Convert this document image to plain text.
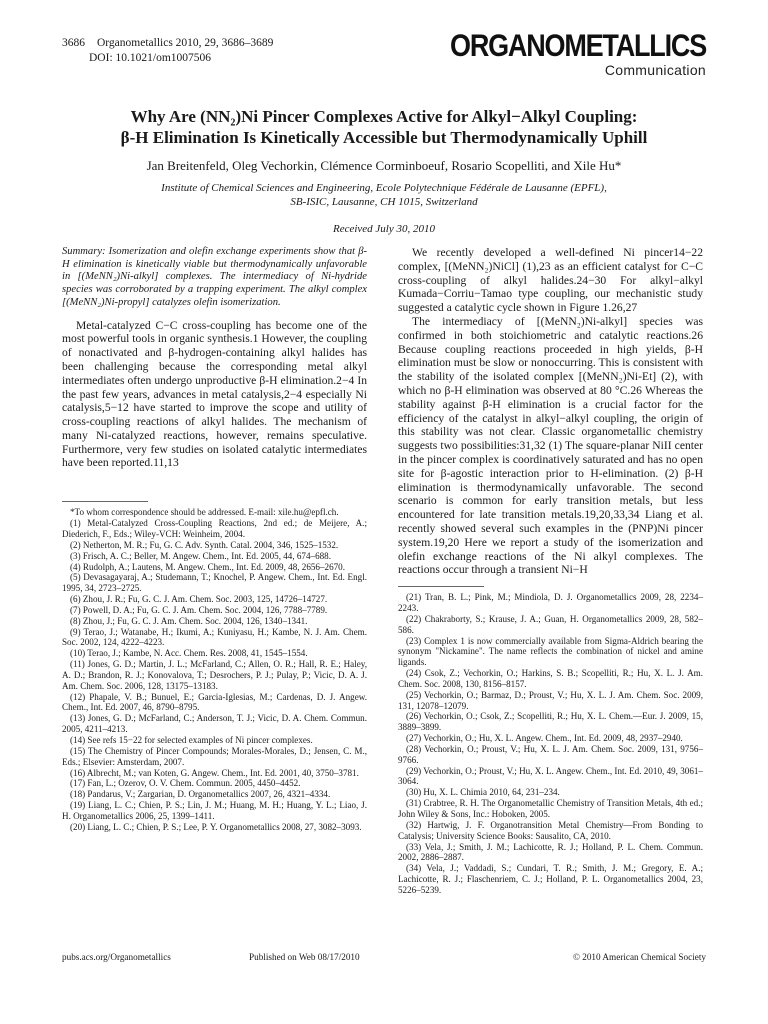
3686 Organometallics 2010, 29, 3686–3689
DOI: 10.1021/om1007506	ORGANOMETALLICS
Communication
Why Are (NN₂)Ni Pincer Complexes Active for Alkyl−Alkyl Coupling:
β-H Elimination Is Kinetically Accessible but Thermodynamically Uphill
Jan Breitenfeld, Oleg Vechorkin, Clémence Corminboeuf, Rosario Scopelliti, and Xile Hu*
Institute of Chemical Sciences and Engineering, Ecole Polytechnique Fédérale de Lausanne (EPFL),
SB-ISIC, Lausanne, CH 1015, Switzerland
Received July 30, 2010
Summary: Isomerization and olefin exchange experiments show that β-H elimination is kinetically viable but thermodynamically unfavorable in [(MeNN₂)Ni-alkyl] complexes. The intermediacy of Ni-hydride species was corroborated by a trapping experiment. The alkyl complex [(MeNN₂)Ni-propyl] catalyzes olefin isomerization.

Metal-catalyzed C−C cross-coupling has become one of the most powerful tools in organic synthesis.1 However, the coupling of nonactivated and β-hydrogen-containing alkyl halides has been challenging because the corresponding metal alkyl intermediates often undergo unproductive β-H elimination.2−4 In the past few years, advances in metal catalysis,2−4 especially Ni catalysis,5−12 have started to improve the scope and utility of cross-coupling reactions of alkyl halides. The mechanism of many Ni-catalyzed reactions, however, remains speculative. Furthermore, very few studies on isolated catalytic intermediates have been reported.11,13

*To whom correspondence should be addressed. E-mail: xile.hu@epfl.ch.
(1) Metal-Catalyzed Cross-Coupling Reactions, 2nd ed.; de Meijere, A.; Diederich, F., Eds.; Wiley-VCH: Weinheim, 2004.
(2) Netherton, M. R.; Fu, G. C. Adv. Synth. Catal. 2004, 346, 1525–1532.
(3) Frisch, A. C.; Beller, M. Angew. Chem., Int. Ed. 2005, 44, 674–688.
(4) Rudolph, A.; Lautens, M. Angew. Chem., Int. Ed. 2009, 48, 2656–2670.
(5) Devasagayaraj, A.; Studemann, T.; Knochel, P. Angew. Chem., Int. Ed. Engl. 1995, 34, 2723–2725.
(6) Zhou, J. R.; Fu, G. C. J. Am. Chem. Soc. 2003, 125, 14726–14727.
(7) Powell, D. A.; Fu, G. C. J. Am. Chem. Soc. 2004, 126, 7788–7789.
(8) Zhou, J.; Fu, G. C. J. Am. Chem. Soc. 2004, 126, 1340–1341.
(9) Terao, J.; Watanabe, H.; Ikumi, A.; Kuniyasu, H.; Kambe, N. J. Am. Chem. Soc. 2002, 124, 4222–4223.
(10) Terao, J.; Kambe, N. Acc. Chem. Res. 2008, 41, 1545–1554.
(11) Jones, G. D.; Martin, J. L.; McFarland, C.; Allen, O. R.; Hall, R. E.; Haley, A. D.; Brandon, R. J.; Konovalova, T.; Desrochers, P. J.; Pulay, P.; Vicic, D. A. J. Am. Chem. Soc. 2006, 128, 13175–13183.
(12) Phapale, V. B.; Bunuel, E.; Garcia-Iglesias, M.; Cardenas, D. J. Angew. Chem., Int. Ed. 2007, 46, 8790–8795.
(13) Jones, G. D.; McFarland, C.; Anderson, T. J.; Vicic, D. A. Chem. Commun. 2005, 4211–4213.
(14) See refs 15−22 for selected examples of Ni pincer complexes.
(15) The Chemistry of Pincer Compounds; Morales-Morales, D.; Jensen, C. M., Eds.; Elsevier: Amsterdam, 2007.
(16) Albrecht, M.; van Koten, G. Angew. Chem., Int. Ed. 2001, 40, 3750–3781.
(17) Fan, L.; Ozerov, O. V. Chem. Commun. 2005, 4450–4452.
(18) Pandarus, V.; Zargarian, D. Organometallics 2007, 26, 4321–4334.
(19) Liang, L. C.; Chien, P. S.; Lin, J. M.; Huang, M. H.; Huang, Y. L.; Liao, J. H. Organometallics 2006, 25, 1399–1411.
(20) Liang, L. C.; Chien, P. S.; Lee, P. Y. Organometallics 2008, 27, 3082–3093.

We recently developed a well-defined Ni pincer14−22 complex, [(MeNN₂)NiCl] (1),23 as an efficient catalyst for C−C cross-coupling of alkyl halides.24−30 For alkyl−alkyl Kumada−Corriu−Tamao type coupling, our mechanistic study suggested a catalytic cycle shown in Figure 1.26,27

The intermediacy of [(MeNN₂)Ni-alkyl] species was confirmed in both stoichiometric and catalytic reactions.26 Because coupling reactions proceeded in high yields, β-H elimination must be slow or nonoccurring. This is consistent with the stability of the isolated complex [(MeNN₂)Ni-Et] (2), with which no β-H elimination was observed at 80 °C.26 Whereas the stability against β-H elimination is a crucial factor for the efficiency of the catalyst in alkyl−alkyl coupling, the origin of this stability was not clear. Classic organometallic chemistry suggests two possibilities:31,32 (1) The square-planar NiII center in the pincer complex is coordinatively saturated and has no open site for β-agostic interaction prior to H-elimination. (2) β-H elimination is thermodynamically unfavorable. The second scenario is common for early transition metals, but less encountered for late transition metals.19,20,33,34 Liang et al. recently showed several such examples in the (PNP)Ni pincer system.19,20 Here we report a study of the isomerization and olefin exchange reactions of the Ni alkyl complexes. The reactions occur through a transient Ni−H

(21) Tran, B. L.; Pink, M.; Mindiola, D. J. Organometallics 2009, 28, 2234–2243.
(22) Chakraborty, S.; Krause, J. A.; Guan, H. Organometallics 2009, 28, 582–586.
(23) Complex 1 is now commercially available from Sigma-Aldrich bearing the synonym "Nickamine". The name reflects the combination of nickel and amine ligands.
(24) Csok, Z.; Vechorkin, O.; Harkins, S. B.; Scopelliti, R.; Hu, X. L. J. Am. Chem. Soc. 2008, 130, 8156–8157.
(25) Vechorkin, O.; Barmaz, D.; Proust, V.; Hu, X. L. J. Am. Chem. Soc. 2009, 131, 12078–12079.
(26) Vechorkin, O.; Csok, Z.; Scopelliti, R.; Hu, X. L. Chem.—Eur. J. 2009, 15, 3889–3899.
(27) Vechorkin, O.; Hu, X. L. Angew. Chem., Int. Ed. 2009, 48, 2937–2940.
(28) Vechorkin, O.; Proust, V.; Hu, X. L. J. Am. Chem. Soc. 2009, 131, 9756–9766.
(29) Vechorkin, O.; Proust, V.; Hu, X. L. Angew. Chem., Int. Ed. 2010, 49, 3061–3064.
(30) Hu, X. L. Chimia 2010, 64, 231–234.
(31) Crabtree, R. H. The Organometallic Chemistry of Transition Metals, 4th ed.; John Wiley & Sons, Inc.: Hoboken, 2005.
(32) Hartwig, J. F. Organotransition Metal Chemistry—From Bonding to Catalysis; University Science Books: Sausalito, CA, 2010.
(33) Vela, J.; Smith, J. M.; Lachicotte, R. J.; Holland, P. L. Chem. Commun. 2002, 2886–2887.
(34) Vela, J.; Vaddadi, S.; Cundari, T. R.; Smith, J. M.; Gregory, E. A.; Lachicotte, R. J.; Flaschenriem, C. J.; Holland, P. L. Organometallics 2004, 23, 5226–5239.
pubs.acs.org/Organometallics	Published on Web 08/17/2010	© 2010 American Chemical Society
